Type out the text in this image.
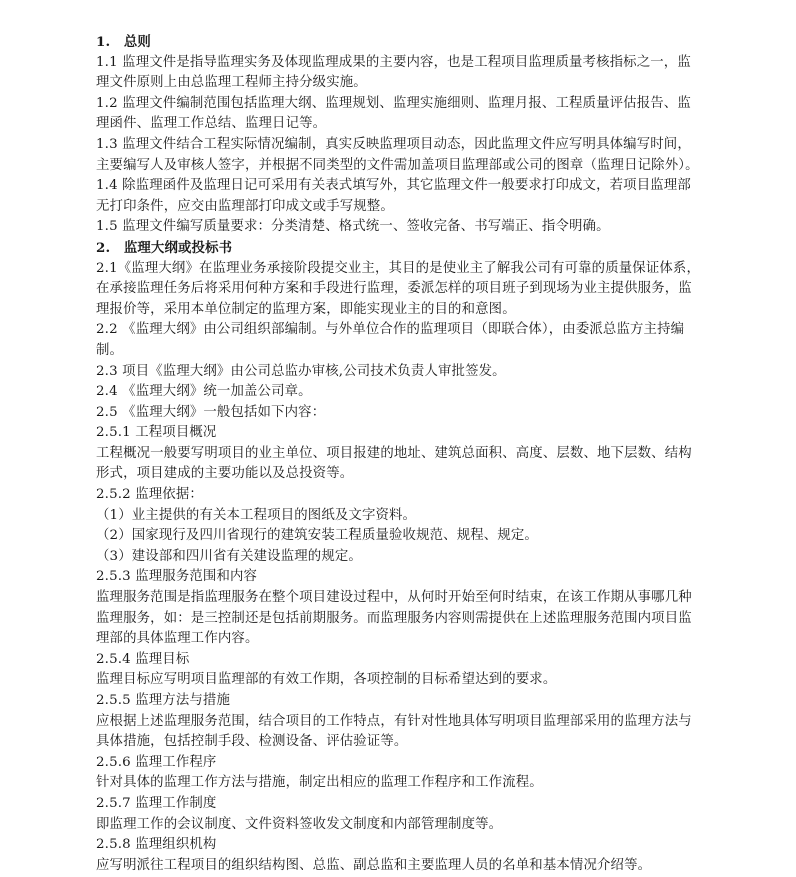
1.　总则
1.1 监理文件是指导监理实务及体现监理成果的主要内容，也是工程项目监理质量考核指标之一，监
理文件原则上由总监理工程师主持分级实施。
1.2 监理文件编制范围包括监理大纲、监理规划、监理实施细则、监理月报、工程质量评估报告、监
理函件、监理工作总结、监理日记等。
1.3 监理文件结合工程实际情况编制，真实反映监理项目动态，因此监理文件应写明具体编写时间，
主要编写人及审核人签字，并根据不同类型的文件需加盖项目监理部或公司的图章（监理日记除外）。
1.4 除监理函件及监理日记可采用有关表式填写外，其它监理文件一般要求打印成文，若项目监理部
无打印条件，应交由监理部打印成文或手写规整。
1.5 监理文件编写质量要求：分类清楚、格式统一、签收完备、书写端正、指令明确。
2.　监理大纲或投标书
2.1《监理大纲》在监理业务承接阶段提交业主，其目的是使业主了解我公司有可靠的质量保证体系，
在承接监理任务后将采用何种方案和手段进行监理，委派怎样的项目班子到现场为业主提供服务，监
理报价等，采用本单位制定的监理方案，即能实现业主的目的和意图。
2.2 《监理大纲》由公司组织部编制。与外单位合作的监理项目（即联合体），由委派总监方主持编
制。
2.3 项目《监理大纲》由公司总监办审核,公司技术负责人审批签发。
2.4 《监理大纲》统一加盖公司章。
2.5 《监理大纲》一般包括如下内容：
2.5.1 工程项目概况
工程概况一般要写明项目的业主单位、项目报建的地址、建筑总面积、高度、层数、地下层数、结构
形式，项目建成的主要功能以及总投资等。
2.5.2 监理依据：
（1）业主提供的有关本工程项目的图纸及文字资料。
（2）国家现行及四川省现行的建筑安装工程质量验收规范、规程、规定。
（3）建设部和四川省有关建设监理的规定。
2.5.3 监理服务范围和内容
监理服务范围是指监理服务在整个项目建设过程中，从何时开始至何时结束，在该工作期从事哪几种
监理服务，如：是三控制还是包括前期服务。而监理服务内容则需提供在上述监理服务范围内项目监
理部的具体监理工作内容。
2.5.4 监理目标
监理目标应写明项目监理部的有效工作期，各项控制的目标希望达到的要求。
2.5.5 监理方法与措施
应根据上述监理服务范围，结合项目的工作特点，有针对性地具体写明项目监理部采用的监理方法与
具体措施，包括控制手段、检测设备、评估验证等。
2.5.6 监理工作程序
针对具体的监理工作方法与措施，制定出相应的监理工作程序和工作流程。
2.5.7 监理工作制度
即监理工作的会议制度、文件资料签收发文制度和内部管理制度等。
2.5.8 监理组织机构
应写明派往工程项目的组织结构图、总监、副总监和主要监理人员的名单和基本情况介绍等。
